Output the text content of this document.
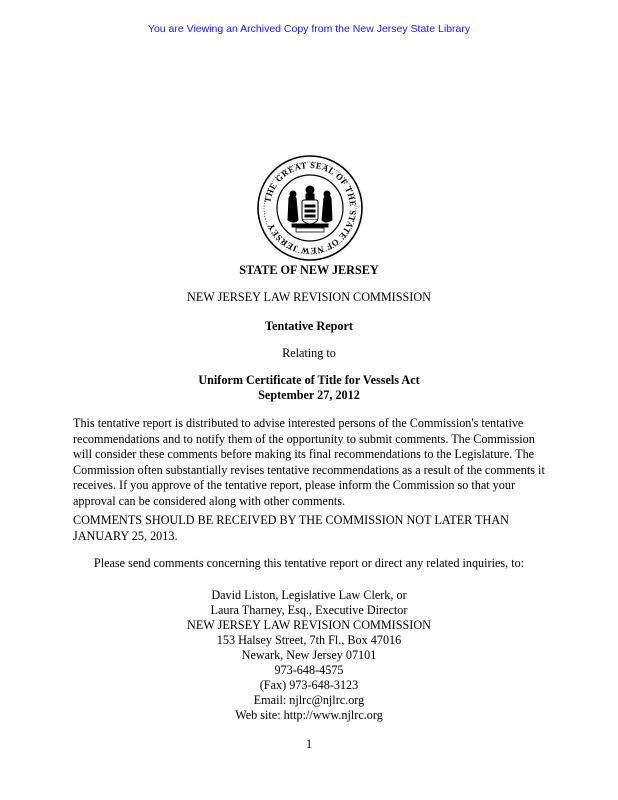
You are Viewing an Archived Copy from the New Jersey State Library
THE GREAT SEAL OF THE STATE OF NEW JERSEY
STATE OF NEW JERSEY
NEW JERSEY LAW REVISION COMMISSION
Tentative Report
Relating to
Uniform Certificate of Title for Vessels Act
September 27, 2012
This tentative report is distributed to advise interested persons of the Commission's tentative
recommendations and to notify them of the opportunity to submit comments. The Commission
will consider these comments before making its final recommendations to the Legislature. The
Commission often substantially revises tentative recommendations as a result of the comments it
receives. If you approve of the tentative report, please inform the Commission so that your
approval can be considered along with other comments.
COMMENTS SHOULD BE RECEIVED BY THE COMMISSION NOT LATER THAN
JANUARY 25, 2013.
Please send comments concerning this tentative report or direct any related inquiries, to:
David Liston, Legislative Law Clerk, or
Laura Tharney, Esq., Executive Director
NEW JERSEY LAW REVISION COMMISSION
153 Halsey Street, 7th Fl., Box 47016
Newark, New Jersey 07101
973-648-4575
(Fax) 973-648-3123
Email: njlrc@njlrc.org
Web site: http://www.njlrc.org
1
